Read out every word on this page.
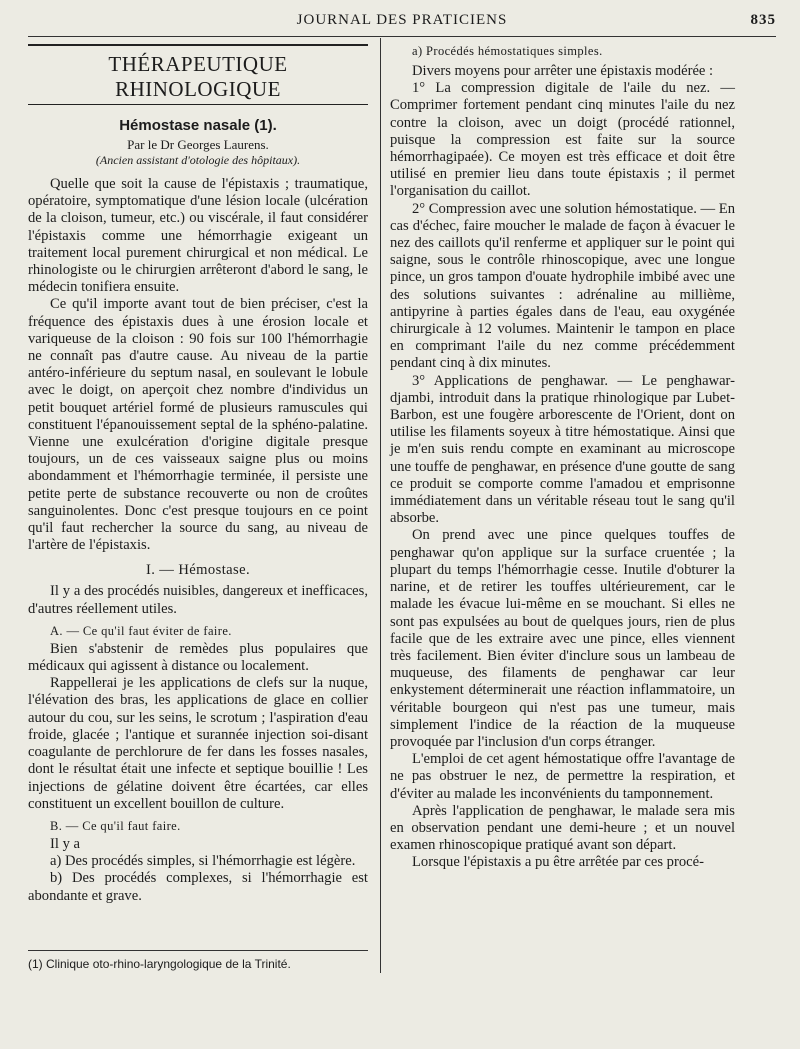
JOURNAL DES PRATICIENS	835
THÉRAPEUTIQUE RHINOLOGIQUE
Hémostase nasale (1).
Par le Dr Georges Laurens.
(Ancien assistant d'otologie des hôpitaux).

Quelle que soit la cause de l'épistaxis ; traumatique, opératoire, symptomatique d'une lésion locale (ulcération de la cloison, tumeur, etc.) ou viscérale, il faut considérer l'épistaxis comme une hémorrhagie exigeant un traitement local purement chirurgical et non médical. Le rhinologiste ou le chirurgien arrêteront d'abord le sang, le médecin tonifiera ensuite.

Ce qu'il importe avant tout de bien préciser, c'est la fréquence des épistaxis dues à une érosion locale et variqueuse de la cloison : 90 fois sur 100 l'hémorrhagie ne connaît pas d'autre cause. Au niveau de la partie antéro-inférieure du septum nasal, en soulevant le lobule avec le doigt, on aperçoit chez nombre d'individus un petit bouquet artériel formé de plusieurs ramuscules qui constituent l'épanouissement septal de la sphéno-palatine. Vienne une exulcération d'origine digitale presque toujours, un de ces vaisseaux saigne plus ou moins abondamment et l'hémorrhagie terminée, il persiste une petite perte de substance recouverte ou non de croûtes sanguinolentes. Donc c'est presque toujours en ce point qu'il faut rechercher la source du sang, au niveau de l'artère de l'épistaxis.

I. — Hémostase.

Il y a des procédés nuisibles, dangereux et inefficaces, d'autres réellement utiles.

A. — Ce qu'il faut éviter de faire.

Bien s'abstenir de remèdes plus populaires que médicaux qui agissent à distance ou localement.

Rappellerai je les applications de clefs sur la nuque, l'élévation des bras, les applications de glace en collier autour du cou, sur les seins, le scrotum ; l'aspiration d'eau froide, glacée ; l'antique et surannée injection soi-disant coagulante de perchlorure de fer dans les fosses nasales, dont le résultat était une infecte et septique bouillie ! Les injections de gélatine doivent être écartées, car elles constituent un excellent bouillon de culture.

B. — Ce qu'il faut faire.

Il y a

a) Des procédés simples, si l'hémorrhagie est légère.

b) Des procédés complexes, si l'hémorrhagie est abondante et grave.

(1) Clinique oto-rhino-laryngologique de la Trinité.
a) Procédés hémostatiques simples.

Divers moyens pour arrêter une épistaxis modérée :

1° La compression digitale de l'aile du nez. — Comprimer fortement pendant cinq minutes l'aile du nez contre la cloison, avec un doigt (procédé rationnel, puisque la compression est faite sur la source hémorrhagipaée). Ce moyen est très efficace et doit être utilisé en premier lieu dans toute épistaxis ; il permet l'organisation du caillot.

2° Compression avec une solution hémostatique. — En cas d'échec, faire moucher le malade de façon à évacuer le nez des caillots qu'il renferme et appliquer sur le point qui saigne, sous le contrôle rhinoscopique, avec une longue pince, un gros tampon d'ouate hydrophile imbibé avec une des solutions suivantes : adrénaline au millième, antipyrine à parties égales dans de l'eau, eau oxygénée chirurgicale à 12 volumes. Maintenir le tampon en place en comprimant l'aile du nez comme précédemment pendant cinq à dix minutes.

3° Applications de penghawar. — Le penghawar-djambi, introduit dans la pratique rhinologique par Lubet-Barbon, est une fougère arborescente de l'Orient, dont on utilise les filaments soyeux à titre hémostatique. Ainsi que je m'en suis rendu compte en examinant au microscope une touffe de penghawar, en présence d'une goutte de sang ce produit se comporte comme l'amadou et emprisonne immédiatement dans un véritable réseau tout le sang qu'il absorbe.

On prend avec une pince quelques touffes de penghawar qu'on applique sur la surface cruentée ; la plupart du temps l'hémorrhagie cesse. Inutile d'obturer la narine, et de retirer les touffes ultérieurement, car le malade les évacue lui-même en se mouchant. Si elles ne sont pas expulsées au bout de quelques jours, rien de plus facile que de les extraire avec une pince, elles viennent très facilement. Bien éviter d'inclure sous un lambeau de muqueuse, des filaments de penghawar car leur enkystement déterminerait une réaction inflammatoire, un véritable bourgeon qui n'est pas une tumeur, mais simplement l'indice de la réaction de la muqueuse provoquée par l'inclusion d'un corps étranger.

L'emploi de cet agent hémostatique offre l'avantage de ne pas obstruer le nez, de permettre la respiration, et d'éviter au malade les inconvénients du tamponnement.

Après l'application de penghawar, le malade sera mis en observation pendant une demi-heure ; et un nouvel examen rhinoscopique pratiqué avant son départ.

Lorsque l'épistaxis a pu être arrêtée par ces procé-
